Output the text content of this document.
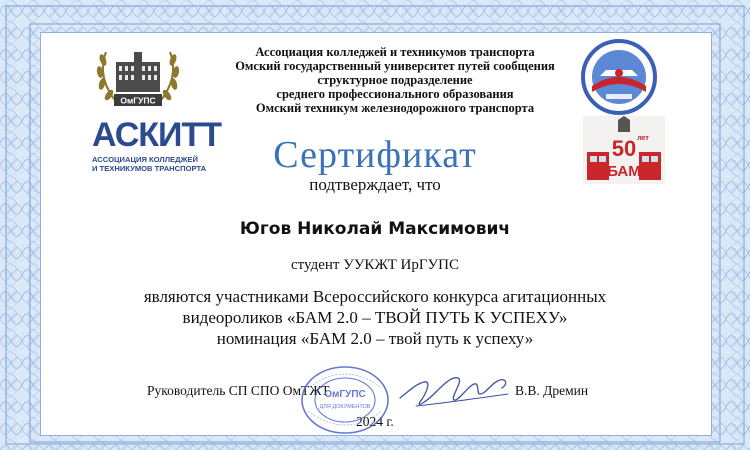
ОмГУПС
АСКИТТ
АССОЦИАЦИЯ КОЛЛЕДЖЕЙ
И ТЕХНИКУМОВ ТРАНСПОРТА
50 лет
БАМ
Ассоциация колледжей и техникумов транспорта
Омский государственный университет путей сообщения
структурное подразделение
среднего профессионального образования
Омский техникум железнодорожного транспорта
Сертификат
подтверждает, что
Югов Николай Максимович
студент УУКЖТ ИрГУПС
являются участниками Всероссийского конкурса агитационных
видеороликов «БАМ 2.0 – ТВОЙ ПУТЬ К УСПЕХУ»
номинация «БАМ 2.0 – твой путь к успеху»
Руководитель СП СПО ОмТЖТ	В.В. Дремин
2024 г.
ОмГУПС
ДЛЯ ДОКУМЕНТОВ
